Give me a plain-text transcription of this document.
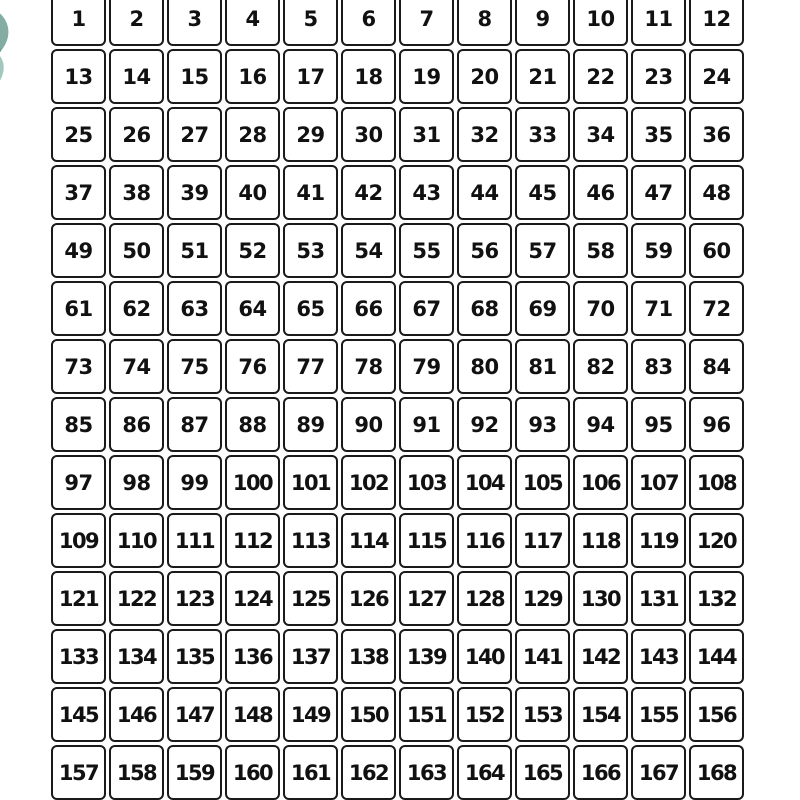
1	2	3	4	5	6	7	8	9	10	11	12
13	14	15	16	17	18	19	20	21	22	23	24
25	26	27	28	29	30	31	32	33	34	35	36
37	38	39	40	41	42	43	44	45	46	47	48
49	50	51	52	53	54	55	56	57	58	59	60
61	62	63	64	65	66	67	68	69	70	71	72
73	74	75	76	77	78	79	80	81	82	83	84
85	86	87	88	89	90	91	92	93	94	95	96
97	98	99	100 101 102 103 104 105 106 107 108
109 110 111 112 113 114 115 116 117 118 119 120
121 122 123 124 125 126 127 128 129 130 131 132
133 134 135 136 137 138 139 140 141 142 143 144
145 146 147 148 149 150 151 152 153 154 155 156
157 158 159 160 161 162 163 164 165 166 167 168
